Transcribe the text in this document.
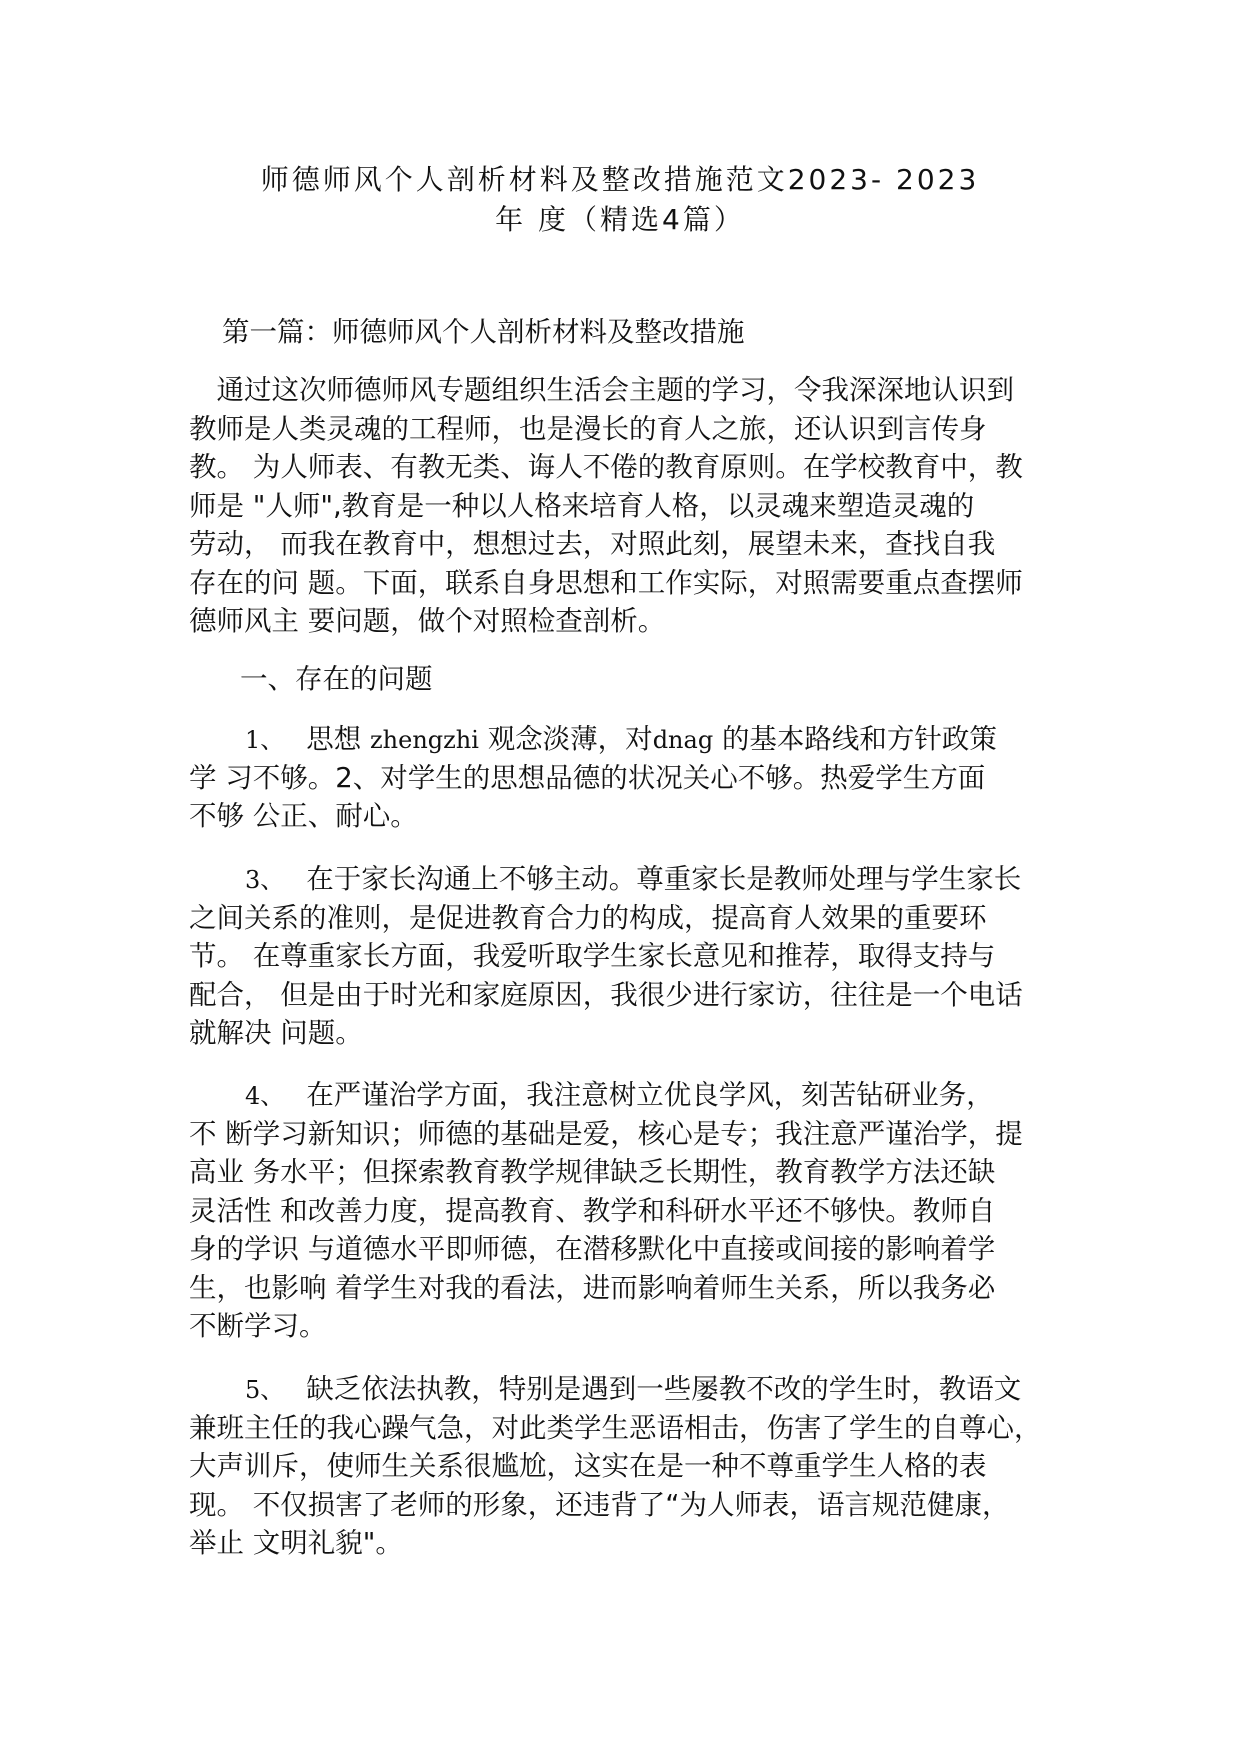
师德师风个人剖析材料及整改措施范文2023- 2023
年 度（精选4篇）
第一篇：师德师风个人剖析材料及整改措施
　通过这次师德师风专题组织生活会主题的学习，令我深深地认识到
教师是人类灵魂的工程师，也是漫长的育人之旅，还认识到言传身
教。 为人师表、有教无类、诲人不倦的教育原则。在学校教育中，教
师是 "人师",教育是一种以人格来培育人格，以灵魂来塑造灵魂的
劳动， 而我在教育中，想想过去，对照此刻，展望未来，查找自我
存在的问 题。下面，联系自身思想和工作实际，对照需要重点查摆师
德师风主 要问题，做个对照检查剖析。
一、存在的问题
1、 思想 zhengzhi 观念淡薄，对dnag 的基本路线和方针政策
学 习不够。2、对学生的思想品德的状况关心不够。热爱学生方面
不够 公正、耐心。
3、 在于家长沟通上不够主动。尊重家长是教师处理与学生家长
之间关系的准则，是促进教育合力的构成，提高育人效果的重要环
节。 在尊重家长方面，我爱听取学生家长意见和推荐，取得支持与
配合， 但是由于时光和家庭原因，我很少进行家访，往往是一个电话
就解决 问题。
4、 在严谨治学方面，我注意树立优良学风，刻苦钻研业务，
不 断学习新知识；师德的基础是爱，核心是专；我注意严谨治学，提
高业 务水平；但探索教育教学规律缺乏长期性，教育教学方法还缺
灵活性 和改善力度，提高教育、教学和科研水平还不够快。教师自
身的学识 与道德水平即师德，在潜移默化中直接或间接的影响着学
生，也影响 着学生对我的看法，进而影响着师生关系，所以我务必
不断学习。
5、 缺乏依法执教，特别是遇到一些屡教不改的学生时，教语文
兼班主任的我心躁气急，对此类学生恶语相击，伤害了学生的自尊心，
大声训斥，使师生关系很尴尬，这实在是一种不尊重学生人格的表
现。 不仅损害了老师的形象，还违背了“为人师表，语言规范健康，
举止 文明礼貌"。
